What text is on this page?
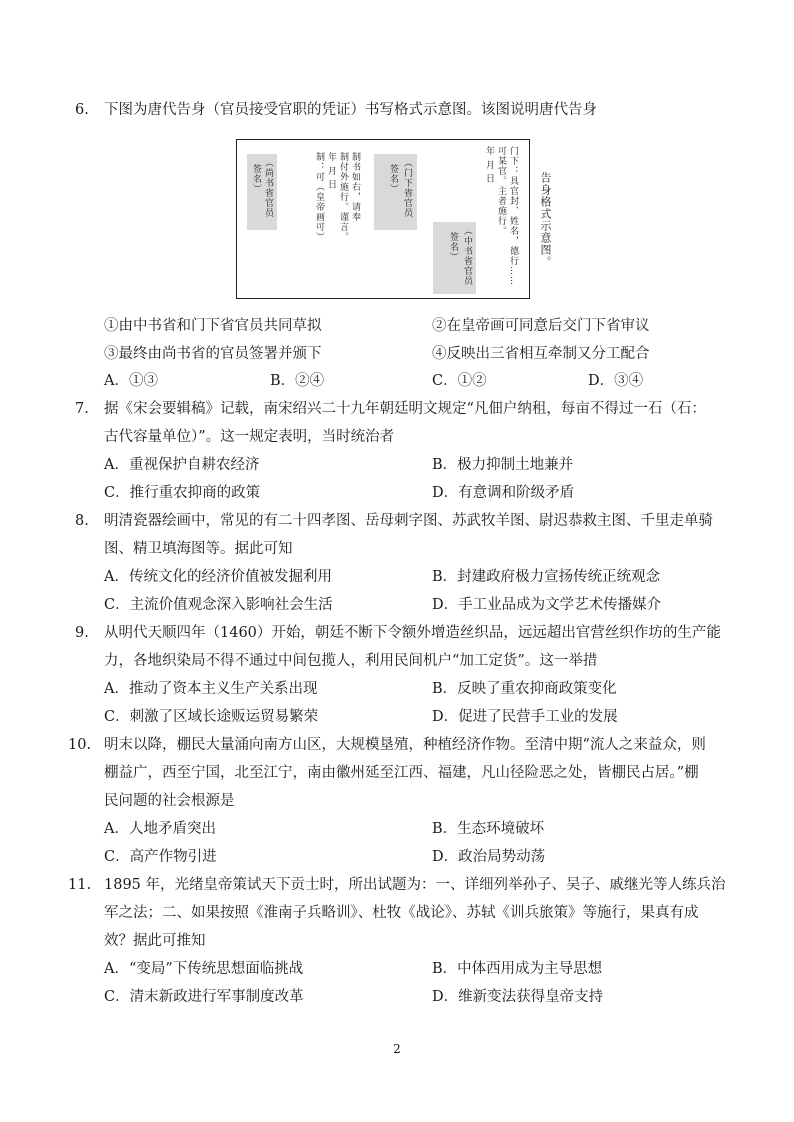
6. 下图为唐代告身（官员接受官职的凭证）书写格式示意图。该图说明唐代告身
（尚书省官员
签名）	制书如右，请奉
制付外施行。谨言。
年 月 日
制：可（皇帝画可）	（门下省官员
签名）
（中书省官员
签名）	门下：具官封、姓名，德行……
可某官。主者施行。
年 月 日
告身格式示意图。
①由中书省和门下省官员共同草拟	②在皇帝画可同意后交门下省审议
③最终由尚书省的官员签署并颁下	④反映出三省相互牵制又分工配合
A．①③	B．②④	C．①②	D．③④
7. 据《宋会要辑稿》记载，南宋绍兴二十九年朝廷明文规定“凡佃户纳租，每亩不得过一石（石：
古代容量单位）”。这一规定表明，当时统治者
A．重视保护自耕农经济	B．极力抑制土地兼并
C．推行重农抑商的政策	D．有意调和阶级矛盾
8. 明清瓷器绘画中，常见的有二十四孝图、岳母刺字图、苏武牧羊图、尉迟恭救主图、千里走单骑
图、精卫填海图等。据此可知
A．传统文化的经济价值被发掘利用	B．封建政府极力宣扬传统正统观念
C．主流价值观念深入影响社会生活	D．手工业品成为文学艺术传播媒介
9. 从明代天顺四年（1460）开始，朝廷不断下令额外增造丝织品，远远超出官营丝织作坊的生产能
力，各地织染局不得不通过中间包揽人，利用民间机户“加工定货”。这一举措
A．推动了资本主义生产关系出现	B．反映了重农抑商政策变化
C．刺激了区域长途贩运贸易繁荣	D．促进了民营手工业的发展
10. 明末以降，棚民大量涌向南方山区，大规模垦殖，种植经济作物。至清中期“流人之来益众，则
棚益广，西至宁国，北至江宁，南由徽州延至江西、福建，凡山径险恶之处，皆棚民占居。”棚
民问题的社会根源是
A．人地矛盾突出	B．生态环境破坏
C．高产作物引进	D．政治局势动荡
11. 1895 年，光绪皇帝策试天下贡士时，所出试题为：一、详细列举孙子、吴子、戚继光等人练兵治
军之法；二、如果按照《淮南子兵略训》、杜牧《战论》、苏轼《训兵旅策》等施行，果真有成
效？据此可推知
A．“变局”下传统思想面临挑战	B．中体西用成为主导思想
C．清末新政进行军事制度改革	D．维新变法获得皇帝支持
2
